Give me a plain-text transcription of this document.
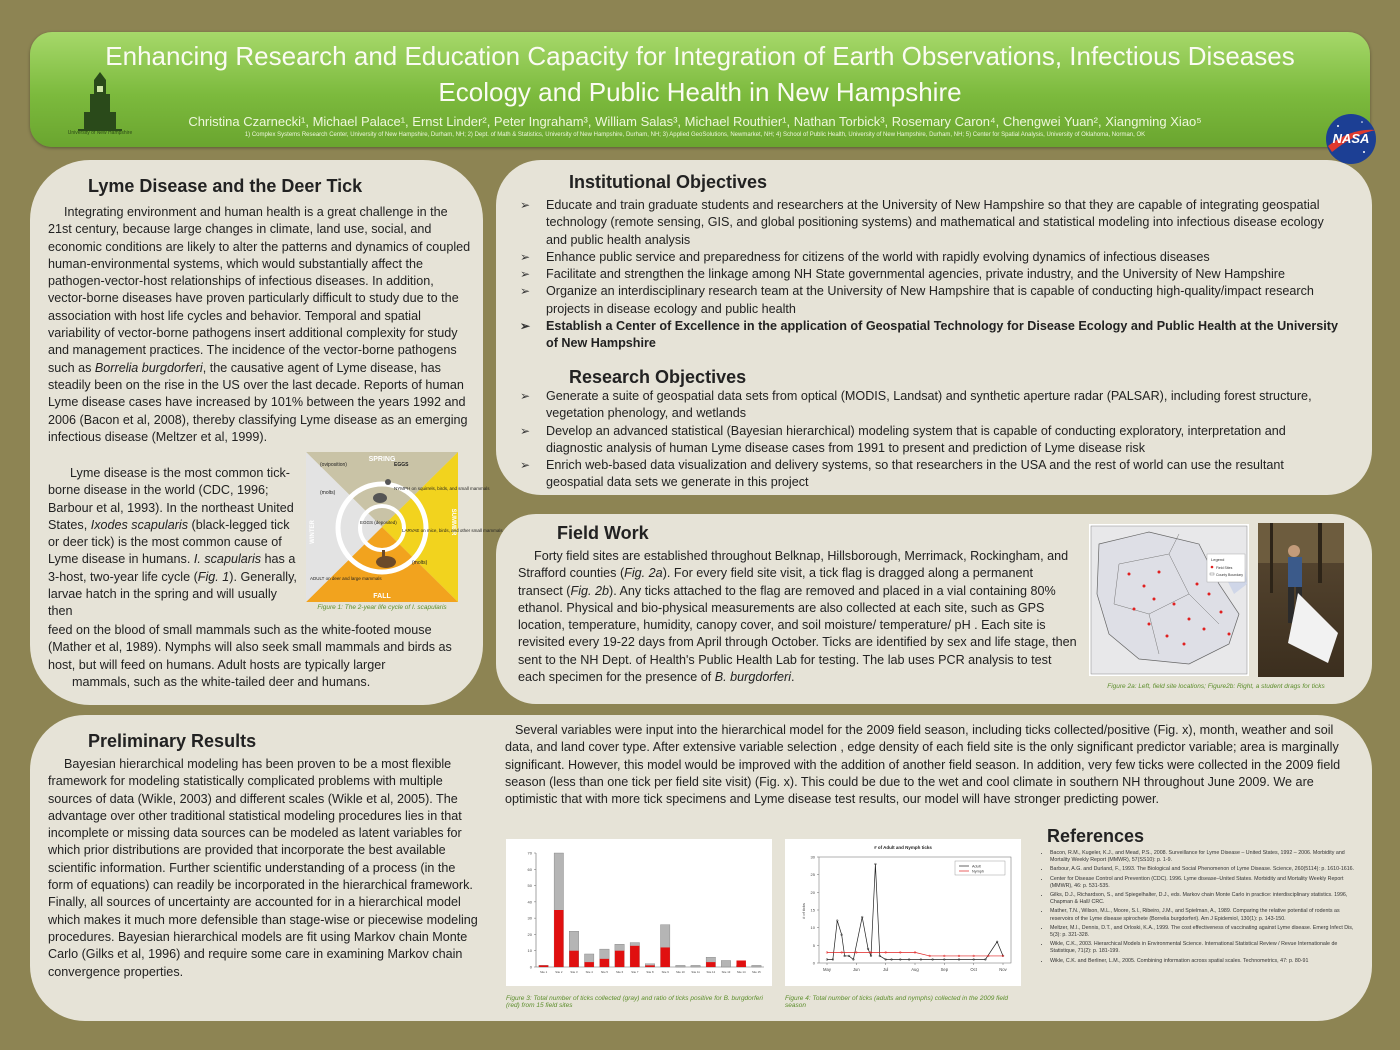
University of New Hampshire
Enhancing Research and Education Capacity for Integration of Earth Observations, Infectious Diseases
Ecology and Public Health in New Hampshire
Christina Czarnecki¹, Michael Palace¹, Ernst Linder², Peter Ingraham³, William Salas³, Michael Routhier¹, Nathan Torbick³, Rosemary Caron⁴, Chengwei Yuan², Xiangming Xiao⁵
1) Complex Systems Research Center, University of New Hampshire, Durham, NH; 2) Dept. of Math & Statistics, University of New Hampshire, Durham, NH; 3) Applied GeoSolutions, Newmarket, NH; 4) School of Public Health, University of New Hampshire, Durham, NH; 5) Center for Spatial Analysis, University of Oklahoma, Norman, OK	NASA
Lyme Disease and the Deer Tick

Integrating environment and human health is a great challenge in the 21st century, because large changes in climate, land use, social, and economic conditions are likely to alter the patterns and dynamics of coupled human-environmental systems, which would substantially affect the pathogen-vector-host relationships of infectious diseases. In addition, vector-borne diseases have proven particularly difficult to study due to the association with host life cycles and behavior. Temporal and spatial variability of vector-borne pathogens insert additional complexity for study and management practices. The incidence of the vector-borne pathogens such as Borrelia burgdorferi, the causative agent of Lyme disease, has steadily been on the rise in the US over the last decade. Reports of human Lyme disease cases have increased by 101% between the years 1992 and 2006 (Bacon et al, 2008), thereby classifying Lyme disease as an emerging infectious disease (Meltzer et al, 1999).

Lyme disease is the most common tick-borne disease in the world (CDC, 1996; Barbour et al, 1993). In the northeast United States, Ixodes scapularis (black-legged tick or deer tick) is the most common cause of Lyme disease in humans. I. scapularis has a 3-host, two-year life cycle (Fig. 1). Generally, larvae hatch in the spring and will usually then

feed on the blood of small mammals such as the white-footed mouse (Mather et al, 1989). Nymphs will also seek small mammals and birds as host, but will feed on humans. Adult hosts are typically larger
mammals, such as the white-tailed deer and humans.
SPRING
FALL
WINTER	SUMMER
(oviposition)	EGGS
(molts)
NYMPH on squirrels, birds, and small mammals
EGGS (deposited)
LARVAE on mice, birds, and other small mammals
(molts)
ADULT on deer and large mammals
Figure 1: The 2-year life cycle of I. scapularis
Institutional Objectives
➢ Educate and train graduate students and researchers at the University of New Hampshire so that they are capable of integrating geospatial technology (remote sensing, GIS, and global positioning systems) and mathematical and statistical modeling into infectious disease ecology and public health analysis
➢ Enhance public service and preparedness for citizens of the world with rapidly evolving dynamics of infectious diseases
➢ Facilitate and strengthen the linkage among NH State governmental agencies, private industry, and the University of New Hampshire
➢ Organize an interdisciplinary research team at the University of New Hampshire that is capable of conducting high-quality/impact research projects in disease ecology and public health
➢ Establish a Center of Excellence in the application of Geospatial Technology for Disease Ecology and Public Health at the University of New Hampshire
Research Objectives
➢ Generate a suite of geospatial data sets from optical (MODIS, Landsat) and synthetic aperture radar (PALSAR), including forest structure, vegetation phenology, and wetlands
➢ Develop an advanced statistical (Bayesian hierarchical) modeling system that is capable of conducting exploratory, interpretation and diagnostic analysis of human Lyme disease cases from 1991 to present and prediction of Lyme disease risk
➢ Enrich web-based data visualization and delivery systems, so that researchers in the USA and the rest of world can use the resultant geospatial data sets we generate in this project
Field Work

Forty field sites are established throughout Belknap, Hillsborough, Merrimack, Rockingham, and Strafford counties (Fig. 2a). For every field site visit, a tick flag is dragged along a permanent transect (Fig. 2b). Any ticks attached to the flag are removed and placed in a vial containing 80% ethanol. Physical and bio-physical measurements are also collected at each site, such as GPS location, temperature, humidity, canopy cover, and soil moisture/ temperature/ pH . Each site is revisited every 19-22 days from April through October. Ticks are identified by sex and life stage, then sent to the NH Dept. of Health's Public Health Lab for testing. The lab uses PCR analysis to test each specimen for the presence of B. burgdorferi.

Legend
Field Sites
County Boundary
Figure 2a: Left, field site locations; Figure2b: Right, a student drags for ticks
Preliminary Results

Bayesian hierarchical modeling has been proven to be a most flexible framework for modeling statistically complicated problems with multiple sources of data (Wikle, 2003) and different scales (Wikle et al, 2005). The advantage over other traditional statistical modeling procedures lies in that incomplete or missing data sources can be modeled as latent variables for which prior distributions are provided that incorporate the best available scientific information. Further scientific understanding of a process (in the form of equations) can readily be incorporated in the hierarchical framework. Finally, all sources of uncertainty are accounted for in a hierarchical model which makes it much more defensible than stage-wise or piecewise modeling procedures. Bayesian hierarchical models are fit using Markov chain Monte Carlo (Gilks et al, 1996) and require some care in examining Markov chain convergence properties.

Several variables were input into the hierarchical model for the 2009 field season, including ticks collected/positive (Fig. x), month, weather and soil data, and land cover type. After extensive variable selection , edge density of each field site is the only significant predictor variable; area is marginally significant. However, this model would be improved with the addition of another field season. In addition, very few ticks were collected in the 2009 field season (less than one tick per field site visit) (Fig. x). This could be due to the wet and cool climate in southern NH throughout June 2009. We are optimistic that with more tick specimens and Lyme disease test results, our model will have stronger predicting power.

0
10
20
30
40
50
60
70
Site 1	Site 2	Site 3	Site 4	Site 5	Site 6	Site 7	Site 8	Site 9	Site 10 Site 11 Site 12 Site 13 Site 14 Site 15
Figure 3: Total number of ticks collected (gray) and ratio of ticks positive for B. burgdorferi (red) from 15 field sites
# of Adult and Nymph ticks
# of ticks
0
5
10
15
20
25
30
May	Jun	Jul	Aug	Sep	Oct	Nov
Adult
Nymph
Figure 4: Total number of ticks (adults and nymphs) collected in the 2009 field season
References
• Bacon, R.M., Kugeler, K.J., and Mead, P.S., 2008. Surveillance for Lyme Disease – United States, 1992 – 2006. Morbidity and Mortality Weekly Report (MMWR), 57(SS10): p. 1-9.
• Barbour, A.G. and Durland, F., 1993. The Biological and Social Phenomenon of Lyme Disease. Science, 260(5114): p. 1610-1616.
• Center for Disease Control and Prevention (CDC). 1996. Lyme disease–United States. Morbidity and Mortality Weekly Report (MMWR), 46: p. 531-535.
• Gilks, D.J., Richardson, S., and Spiegelhalter, D.J., eds. Markov chain Monte Carlo in practice: interdisciplinary statistics. 1996, Chapman & Hall/ CRC.
• Mather, T.N., Wilson, M.L., Moore, S.I., Ribeiro, J.M., and Spielman, A., 1989. Comparing the relative potential of rodents as reservoirs of the Lyme disease spirochete (Borrelia burgdorferi). Am J Epidemiol, 130(1): p. 143-150.
• Meltzer, M.I., Dennis, D.T., and Orloski, K.A., 1999. The cost effectiveness of vaccinating against Lyme disease. Emerg Infect Dis, 5(3): p. 321-328.
• Wikle, C.K., 2003. Hierarchical Models in Environmental Science. International Statistical Review / Revue Internationale de Statistique, 71(2): p. 181-199.
• Wikle, C.K. and Berliner, L.M., 2005. Combining information across spatial scales. Technometrics, 47: p. 80-91
